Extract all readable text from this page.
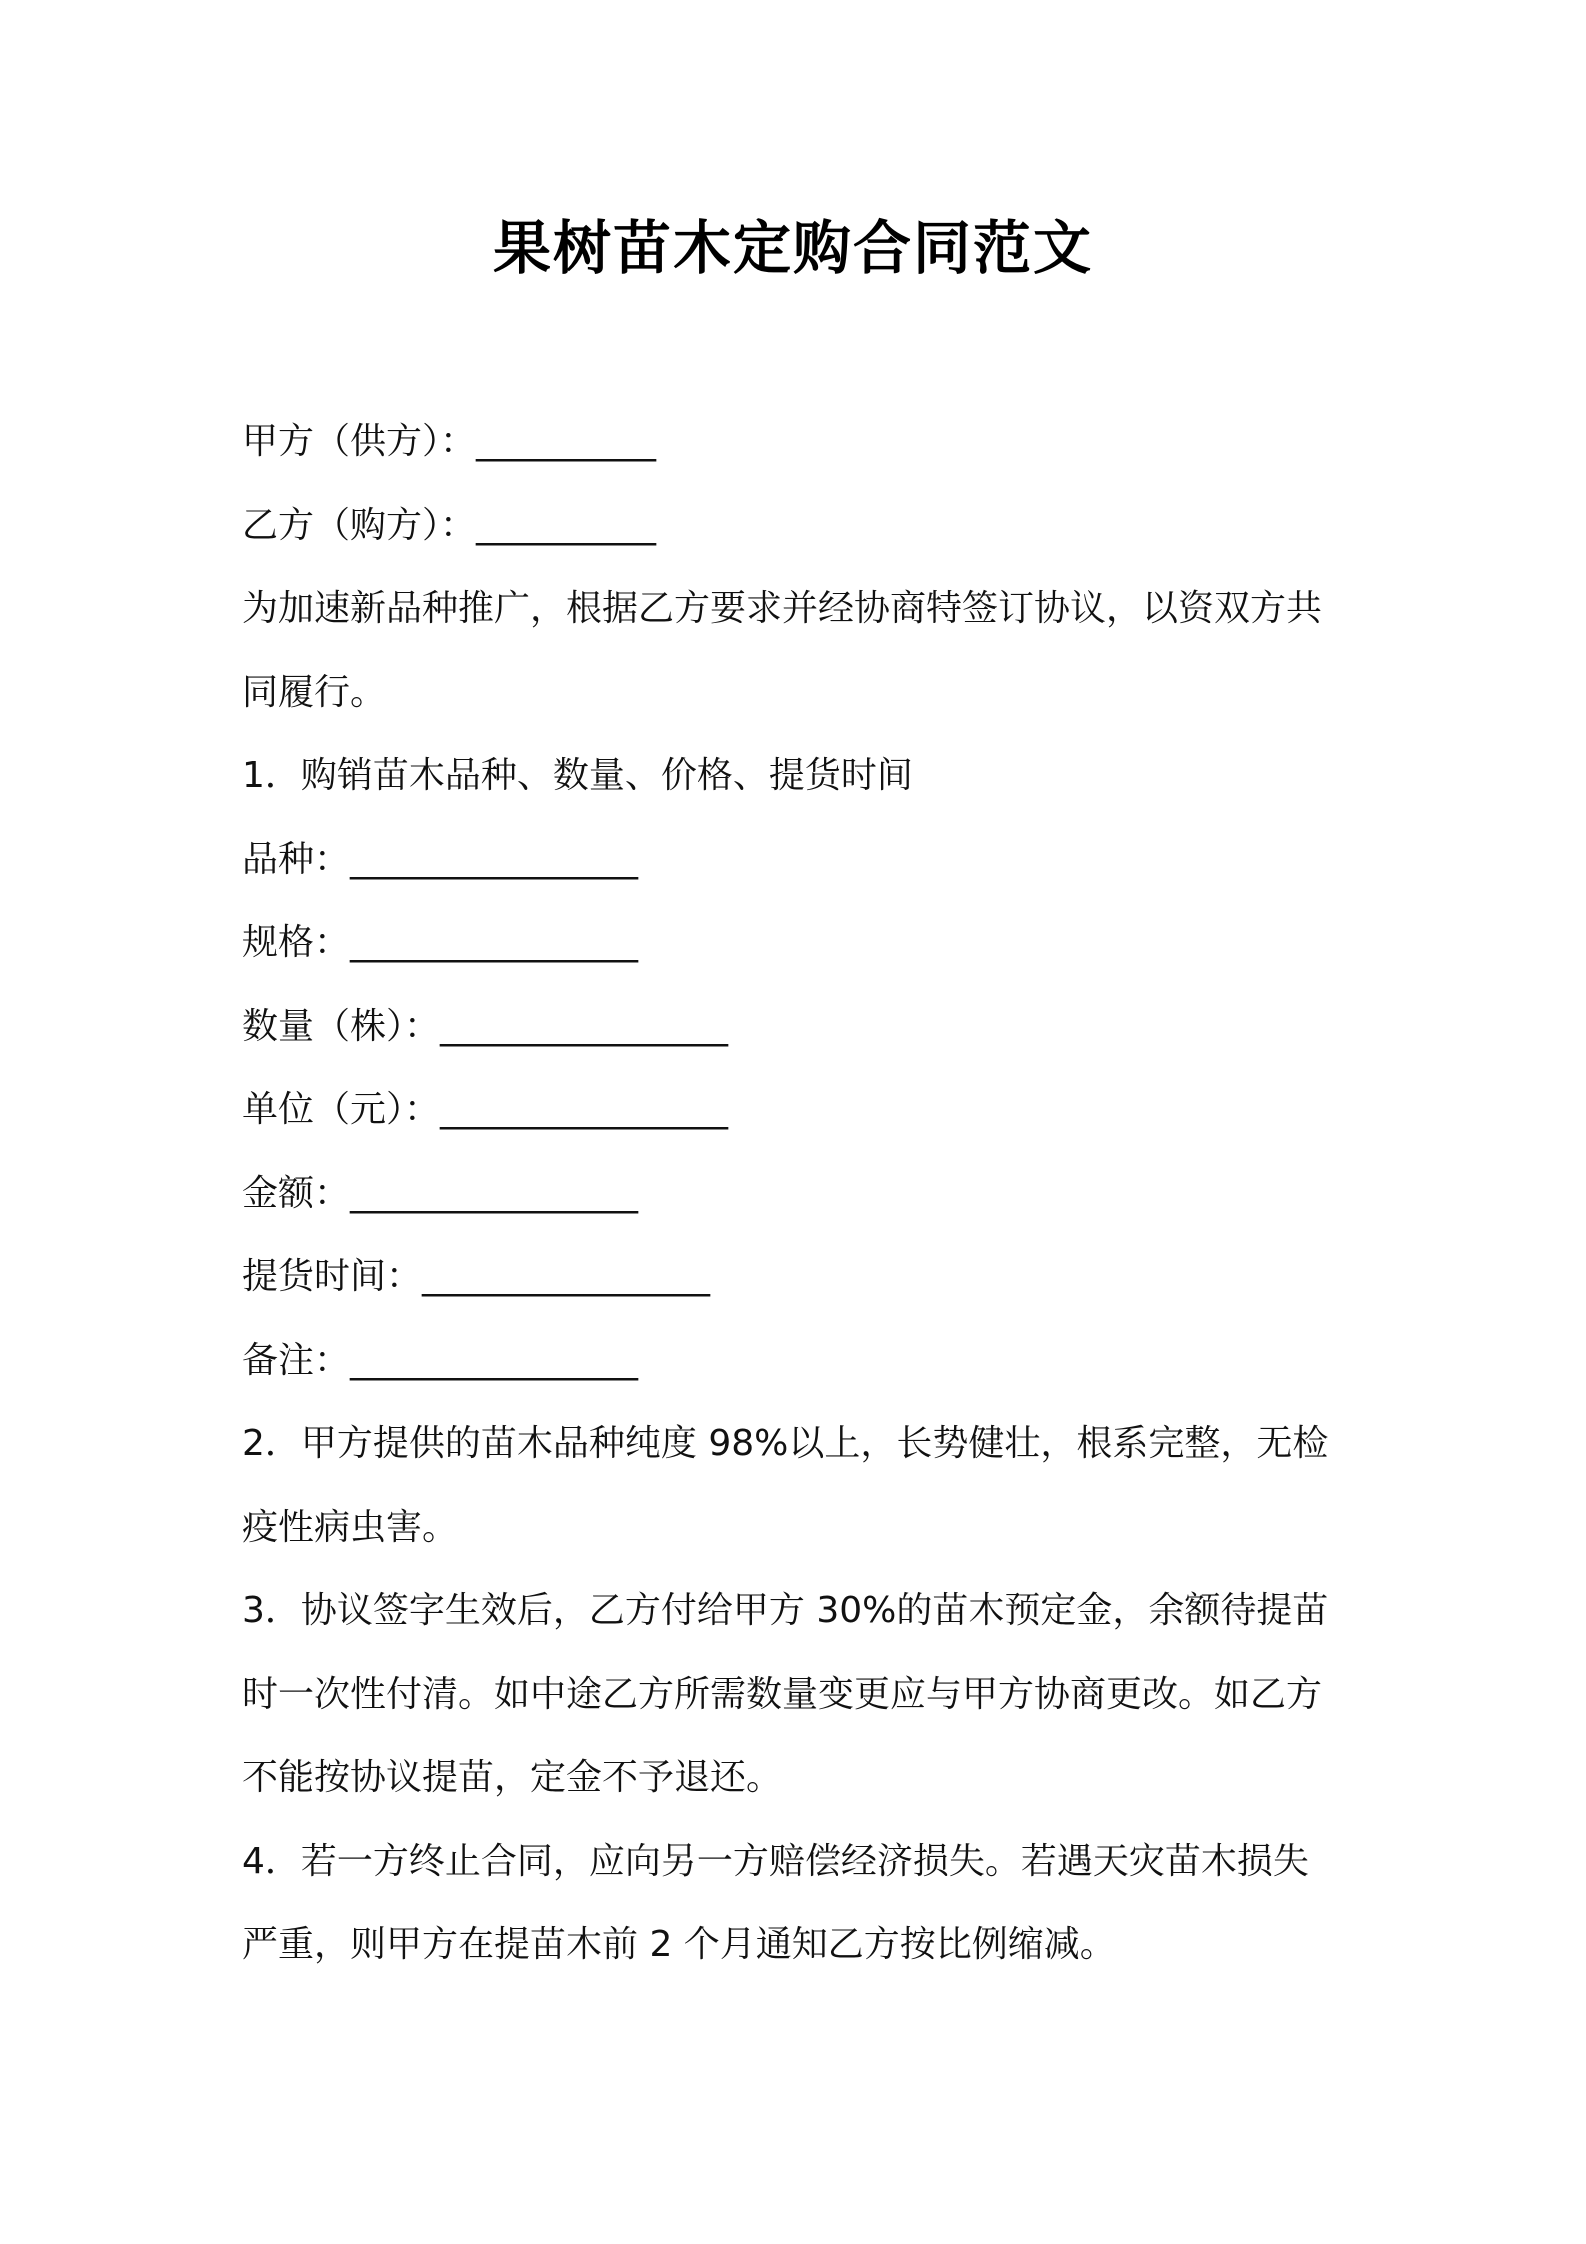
果树苗木定购合同范文
甲方（供方）：__________
乙方（购方）：__________
为加速新品种推广，根据乙方要求并经协商特签订协议，以资双方共
同履行。
1．购销苗木品种、数量、价格、提货时间
品种：________________
规格：________________
数量（株）：________________
单位（元）：________________
金额：________________
提货时间：________________
备注：________________
2．甲方提供的苗木品种纯度 98%以上，长势健壮，根系完整，无检
疫性病虫害。
3．协议签字生效后，乙方付给甲方 30%的苗木预定金，余额待提苗
时一次性付清。如中途乙方所需数量变更应与甲方协商更改。如乙方
不能按协议提苗，定金不予退还。
4．若一方终止合同，应向另一方赔偿经济损失。若遇天灾苗木损失
严重，则甲方在提苗木前 2 个月通知乙方按比例缩减。
